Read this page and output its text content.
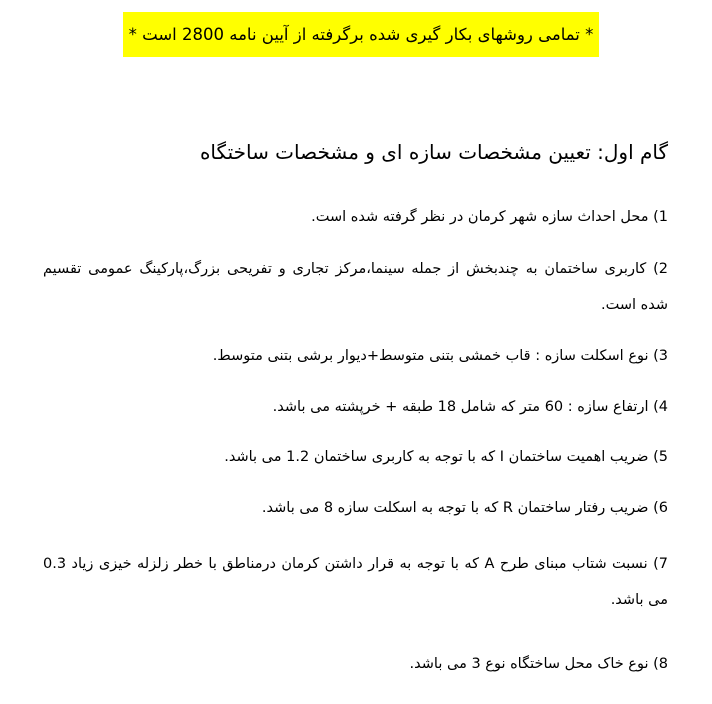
* تمامی روشهای بکار گیری شده برگرفته از آیین نامه 2800 است *
گام اول: تعیین مشخصات سازه ای و مشخصات ساختگاه
1) محل احداث سازه شهر کرمان در نظر گرفته شده است.
2) کاربری ساختمان به چندبخش از جمله سینما،مرکز تجاری و تفریحی بزرگ،پارکینگ عمومی تقسیم شده است.
3) نوع اسکلت سازه : قاب خمشی بتنی متوسط+دیوار برشی بتنی متوسط.
4) ارتفاع سازه : 60 متر که شامل 18 طبقه + خرپشته می باشد.
5) ضریب اهمیت ساختمان I که با توجه به کاربری ساختمان 1.2 می باشد.
6) ضریب رفتار ساختمان R که با توجه به اسکلت سازه 8 می باشد.
7) نسبت شتاب مبنای طرح A که با توجه به قرار داشتن کرمان درمناطق با خطر زلزله خیزی زیاد 0.3 می باشد.
8) نوع خاک محل ساختگاه نوع 3 می باشد.
